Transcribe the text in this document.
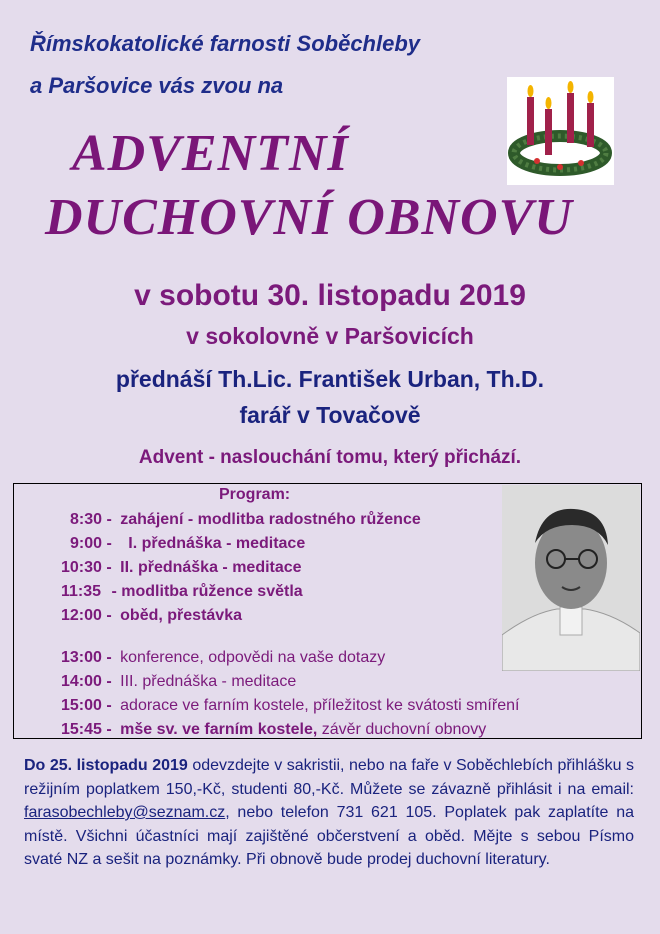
Římskokatolické farnosti Soběchleby
a Paršovice vás zvou na
ADVENTNÍ
DUCHOVNÍ OBNOVU
v sobotu 30. listopadu 2019
v sokolovně v Paršovicích
přednáší Th.Lic. František Urban, Th.D.
farář v Tovačově
Advent - naslouchání tomu, který přichází.
Program:
8:30 - zahájení - modlitba radostného růžence
9:00 - I. přednáška - meditace
10:30 - II. přednáška - meditace
11:35 - modlitba růžence světla
12:00 - oběd, přestávka
13:00 - konference, odpovědi na vaše dotazy
14:00 - III. přednáška - meditace
15:00 - adorace ve farním kostele, příležitost ke svátosti smíření
15:45 - mše sv. ve farním kostele, závěr duchovní obnovy
Do 25. listopadu 2019 odevzdejte v sakristii, nebo na faře v Soběchlebích přihlášku s režijním poplatkem 150,-Kč, studenti 80,-Kč. Můžete se závazně přihlásit i na email: farasobechleby@seznam.cz, nebo telefon 731 621 105. Poplatek pak zaplatíte na místě. Všichni účastníci mají zajištěné občerstvení a oběd. Mějte s sebou Písmo svaté NZ a sešit na poznámky. Při obnově bude prodej duchovní literatury.
